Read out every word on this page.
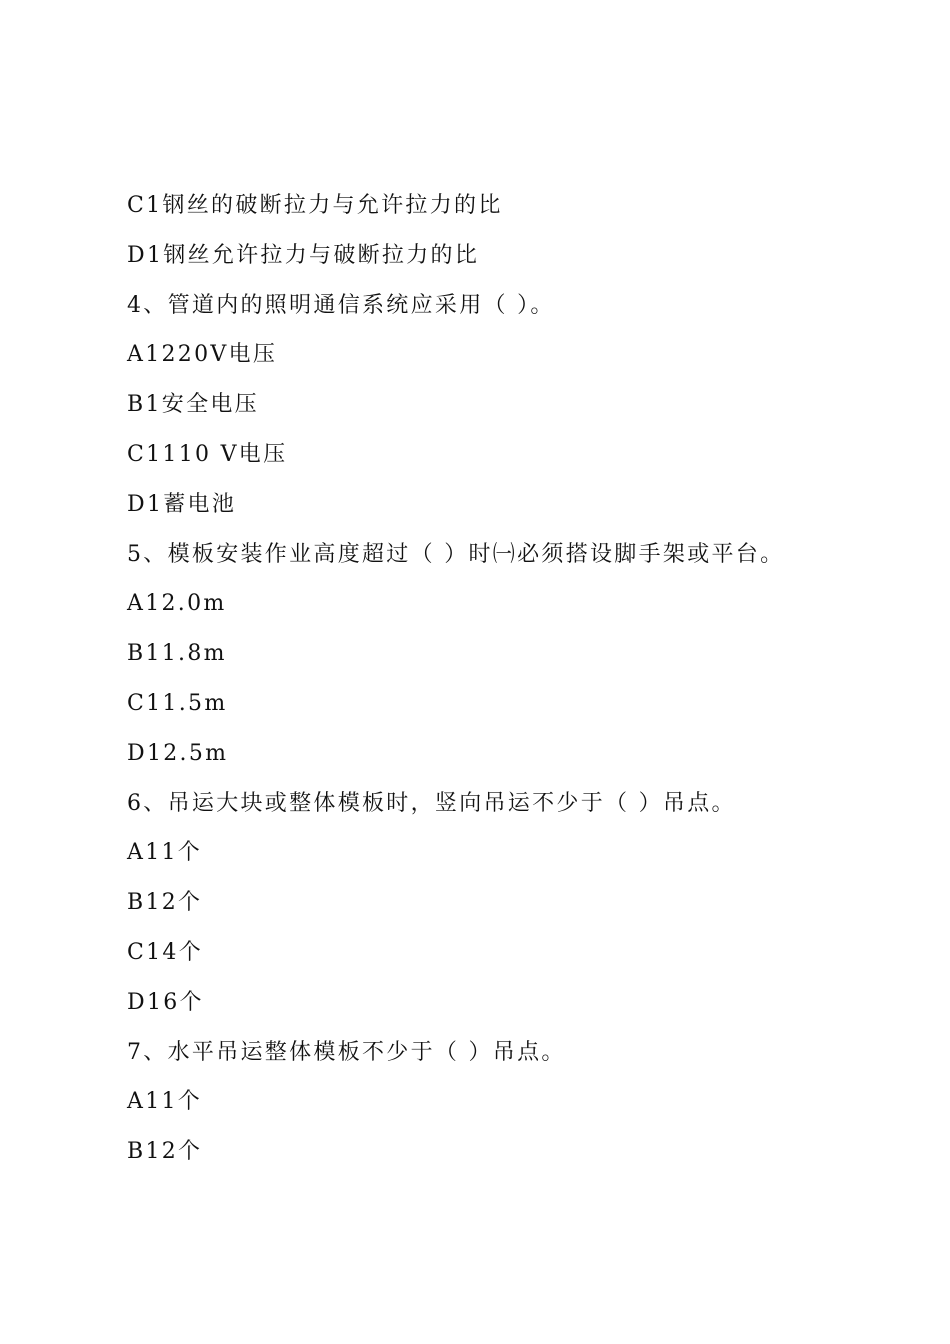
C1钢丝的破断拉力与允许拉力的比
D1钢丝允许拉力与破断拉力的比
4、管道内的照明通信系统应采用（ ）。
A1220V电压
B1安全电压
C1110 V电压
D1蓄电池
5、模板安装作业高度超过（ ）时㈠必须搭设脚手架或平台。
A12.0m
B11.8m
C11.5m
D12.5m
6、吊运大块或整体模板时，竖向吊运不少于（ ）吊点。
A11个
B12个
C14个
D16个
7、水平吊运整体模板不少于（ ）吊点。
A11个
B12个
